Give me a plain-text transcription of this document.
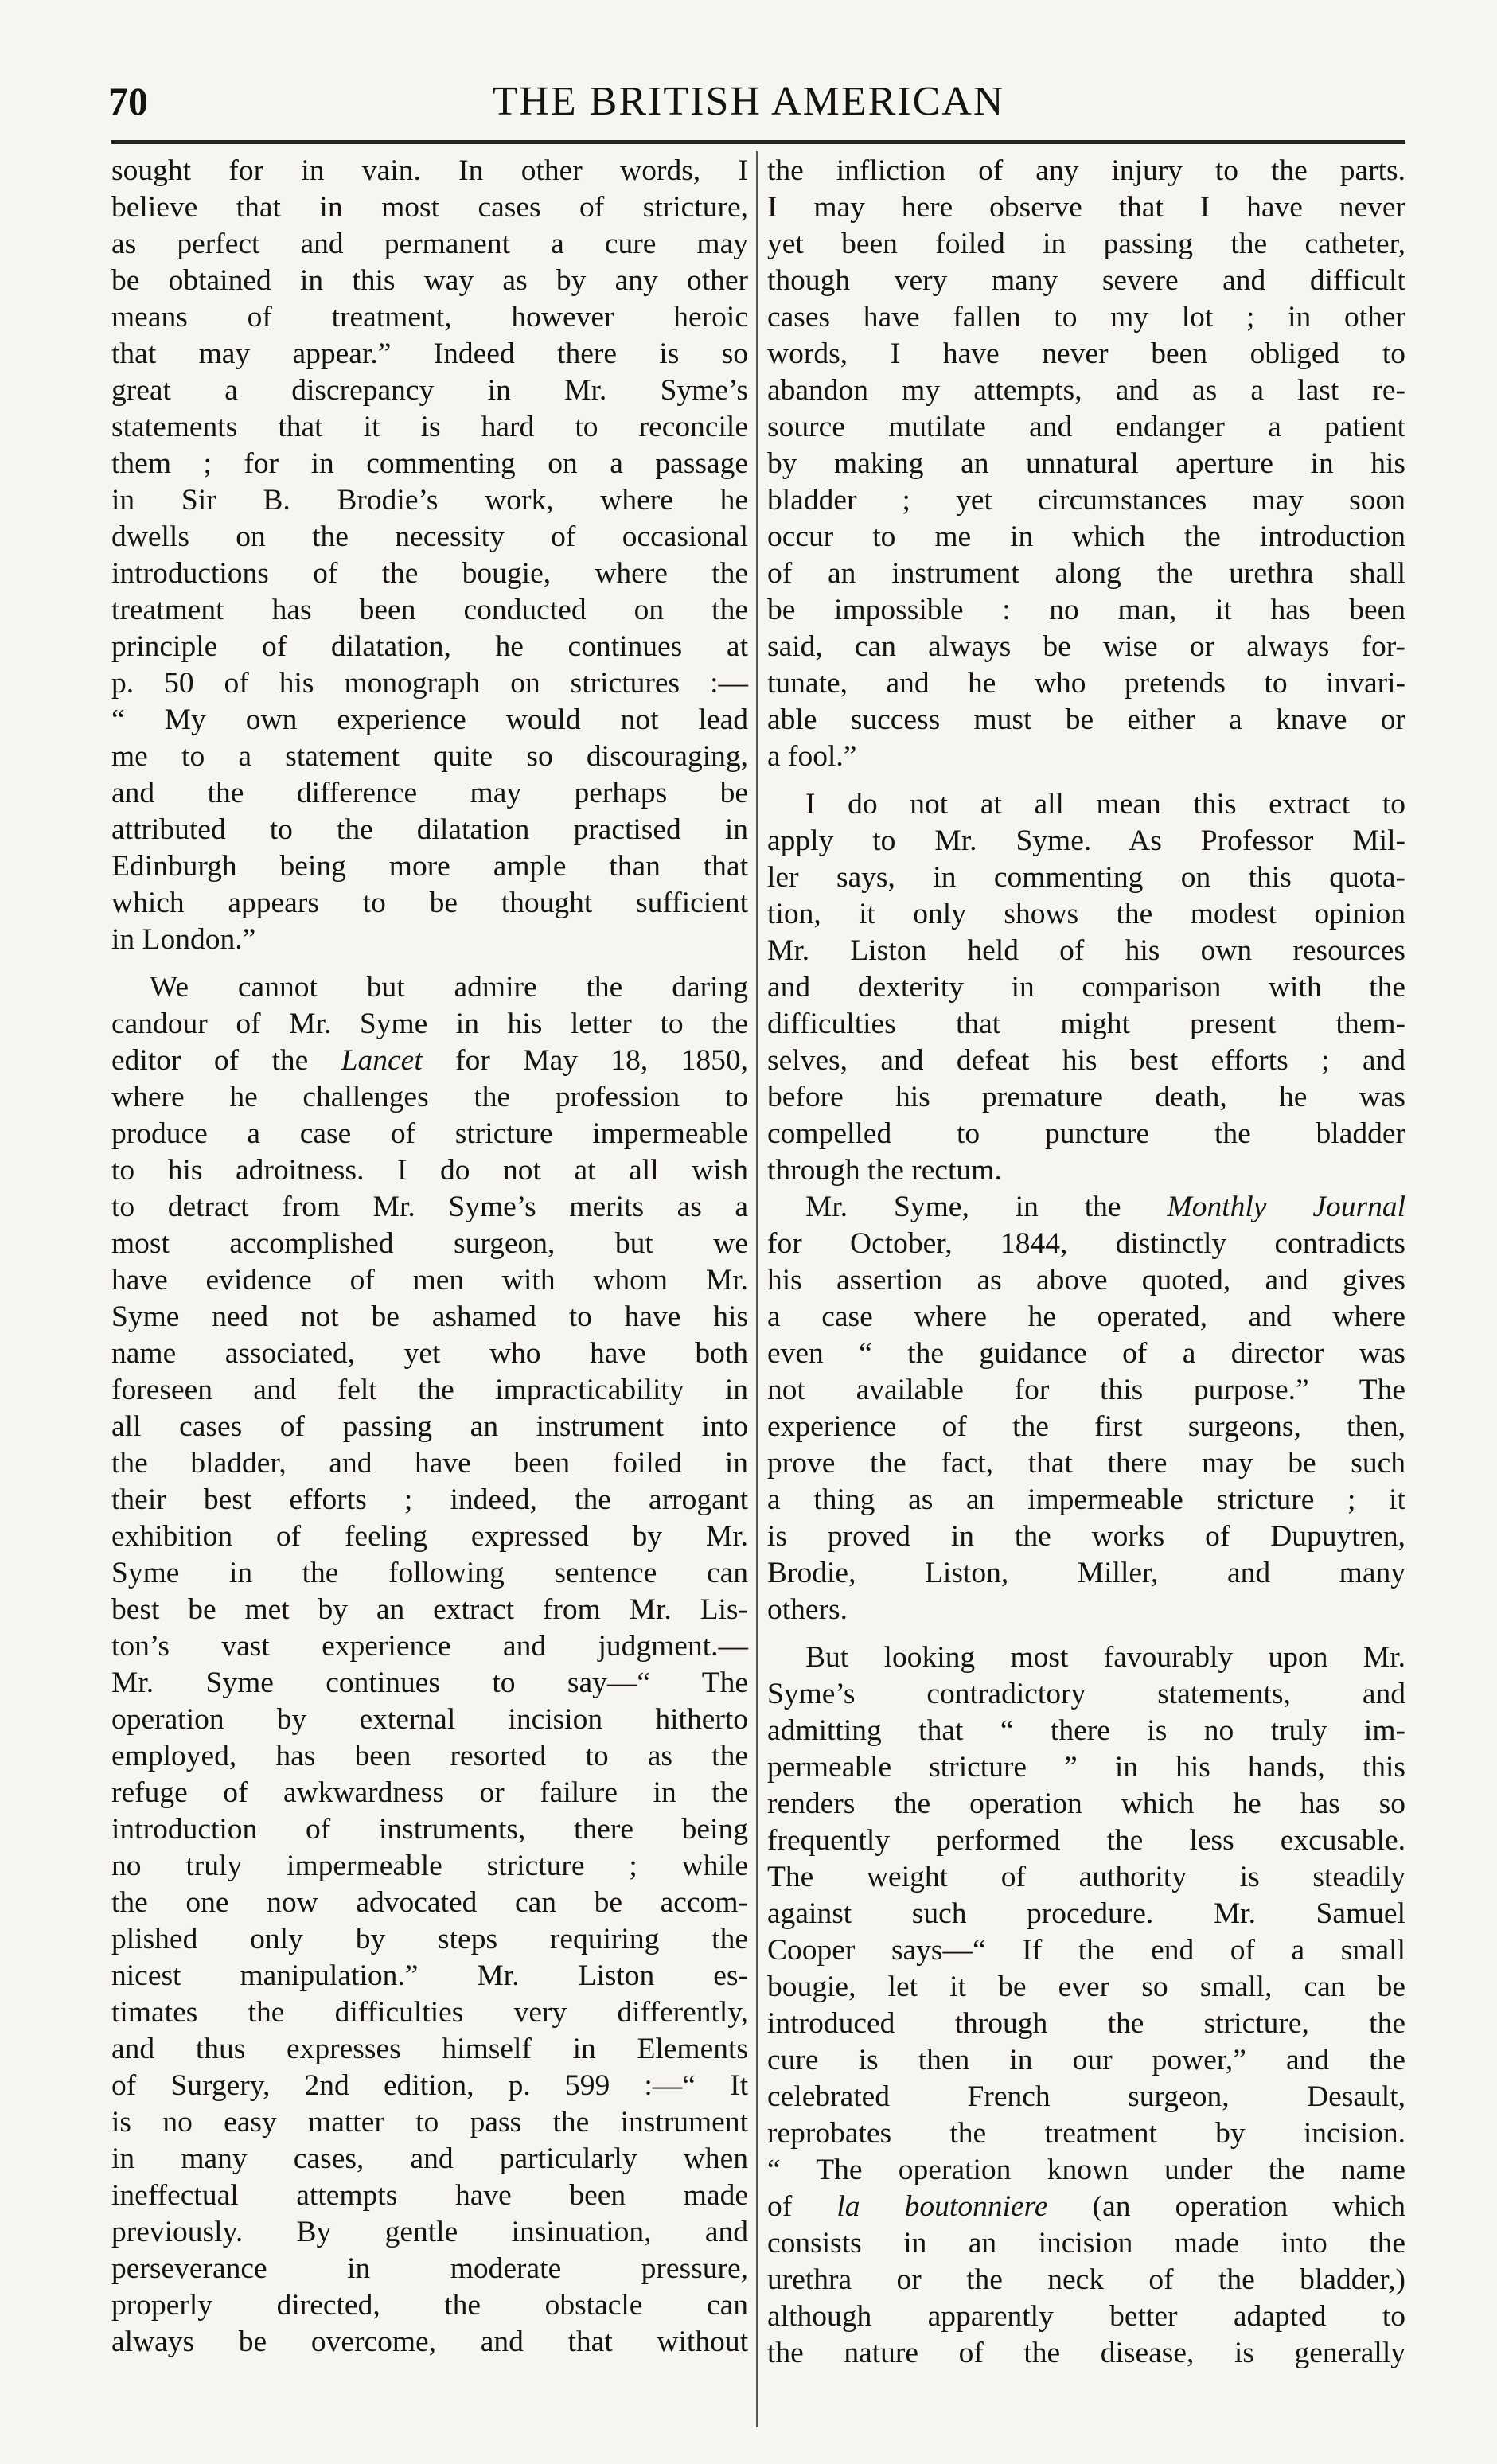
70	THE BRITISH AMERICAN
sought for in vain. In other words, I
believe that in most cases of stricture,
as perfect and permanent a cure may
be obtained in this way as by any other
means of treatment, however heroic
that may appear.” Indeed there is so
great a discrepancy in Mr. Syme’s
statements that it is hard to reconcile
them ; for in commenting on a passage
in Sir B. Brodie’s work, where he
dwells on the necessity of occasional
introductions of the bougie, where the
treatment has been conducted on the
principle of dilatation, he continues at
p. 50 of his monograph on strictures :—
“ My own experience would not lead
me to a statement quite so discouraging,
and the difference may perhaps be
attributed to the dilatation practised in
Edinburgh being more ample than that
which appears to be thought sufficient
in London.”
We cannot but admire the daring
candour of Mr. Syme in his letter to the
editor of the Lancet for May 18, 1850,
where he challenges the profession to
produce a case of stricture impermeable
to his adroitness. I do not at all wish
to detract from Mr. Syme’s merits as a
most accomplished surgeon, but we
have evidence of men with whom Mr.
Syme need not be ashamed to have his
name associated, yet who have both
foreseen and felt the impracticability in
all cases of passing an instrument into
the bladder, and have been foiled in
their best efforts ; indeed, the arrogant
exhibition of feeling expressed by Mr.
Syme in the following sentence can
best be met by an extract from Mr. Lis-
ton’s vast experience and judgment.—
Mr. Syme continues to say—“ The
operation by external incision hitherto
employed, has been resorted to as the
refuge of awkwardness or failure in the
introduction of instruments, there being
no truly impermeable stricture ; while
the one now advocated can be accom-
plished only by steps requiring the
nicest manipulation.” Mr. Liston es-
timates the difficulties very differently,
and thus expresses himself in Elements
of Surgery, 2nd edition, p. 599 :—“ It
is no easy matter to pass the instrument
in many cases, and particularly when
ineffectual attempts have been made
previously. By gentle insinuation, and
perseverance in moderate pressure,
properly directed, the obstacle can
always be overcome, and that without
the infliction of any injury to the parts.
I may here observe that I have never
yet been foiled in passing the catheter,
though very many severe and difficult
cases have fallen to my lot ; in other
words, I have never been obliged to
abandon my attempts, and as a last re-
source mutilate and endanger a patient
by making an unnatural aperture in his
bladder ; yet circumstances may soon
occur to me in which the introduction
of an instrument along the urethra shall
be impossible : no man, it has been
said, can always be wise or always for-
tunate, and he who pretends to invari-
able success must be either a knave or
a fool.”
I do not at all mean this extract to
apply to Mr. Syme. As Professor Mil-
ler says, in commenting on this quota-
tion, it only shows the modest opinion
Mr. Liston held of his own resources
and dexterity in comparison with the
difficulties that might present them-
selves, and defeat his best efforts ; and
before his premature death, he was
compelled to puncture the bladder
through the rectum.
Mr. Syme, in the Monthly Journal
for October, 1844, distinctly contradicts
his assertion as above quoted, and gives
a case where he operated, and where
even “ the guidance of a director was
not available for this purpose.” The
experience of the first surgeons, then,
prove the fact, that there may be such
a thing as an impermeable stricture ; it
is proved in the works of Dupuytren,
Brodie, Liston, Miller, and many
others.
But looking most favourably upon Mr.
Syme’s contradictory statements, and
admitting that “ there is no truly im-
permeable stricture ” in his hands, this
renders the operation which he has so
frequently performed the less excusable.
The weight of authority is steadily
against such procedure. Mr. Samuel
Cooper says—“ If the end of a small
bougie, let it be ever so small, can be
introduced through the stricture, the
cure is then in our power,” and the
celebrated French surgeon, Desault,
reprobates the treatment by incision.
“ The operation known under the name
of la boutonniere (an operation which
consists in an incision made into the
urethra or the neck of the bladder,)
although apparently better adapted to
the nature of the disease, is generally
